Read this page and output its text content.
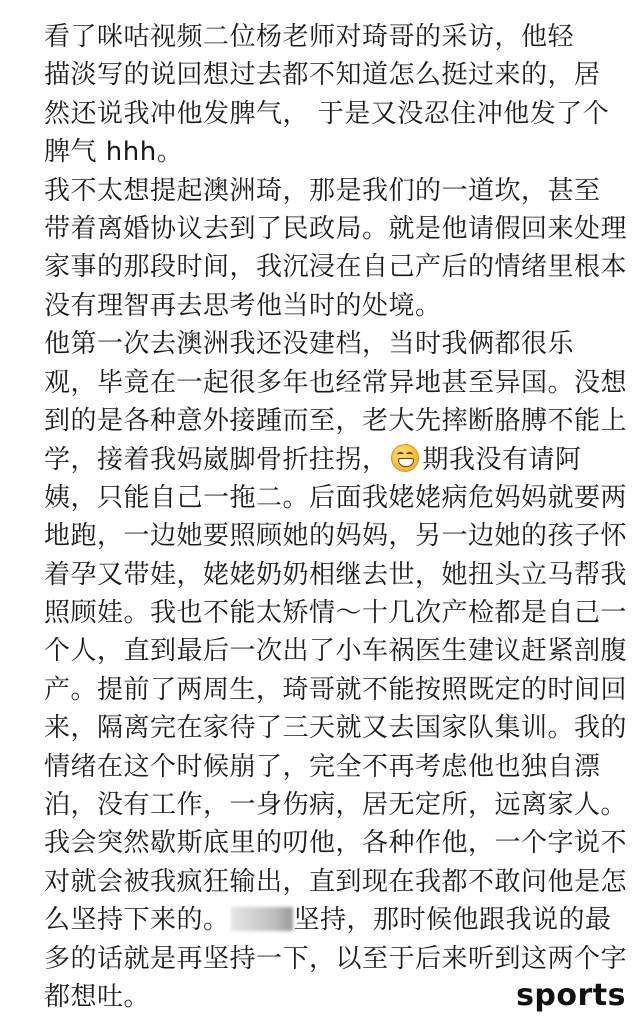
看了咪咕视频二位杨老师对琦哥的采访，他轻
描淡写的说回想过去都不知道怎么挺过来的，居
然还说我冲他发脾气， 于是又没忍住冲他发了个
脾气 hhh。
我不太想提起澳洲琦，那是我们的一道坎，甚至
带着离婚协议去到了民政局。就是他请假回来处理
家事的那段时间，我沉浸在自己产后的情绪里根本
没有理智再去思考他当时的处境。
他第一次去澳洲我还没建档，当时我俩都很乐
观，毕竟在一起很多年也经常异地甚至异国。没想
到的是各种意外接踵而至，老大先摔断胳膊不能上
学，接着我妈崴脚骨折拄拐， 期我没有请阿
姨，只能自己一拖二。后面我姥姥病危妈妈就要两
地跑，一边她要照顾她的妈妈，另一边她的孩子怀
着孕又带娃，姥姥奶奶相继去世，她扭头立马帮我
照顾娃。我也不能太矫情～十几次产检都是自己一
个人，直到最后一次出了小车祸医生建议赶紧剖腹
产。提前了两周生，琦哥就不能按照既定的时间回
来，隔离完在家待了三天就又去国家队集训。我的
情绪在这个时候崩了，完全不再考虑他也独自漂
泊，没有工作，一身伤病，居无定所，远离家人。
我会突然歇斯底里的叨他，各种作他，一个字说不
对就会被我疯狂输出，直到现在我都不敢问他是怎
么坚持下来的。 坚持，那时候他跟我说的最
多的话就是再坚持一下，以至于后来听到这两个字
都想吐。	sports
